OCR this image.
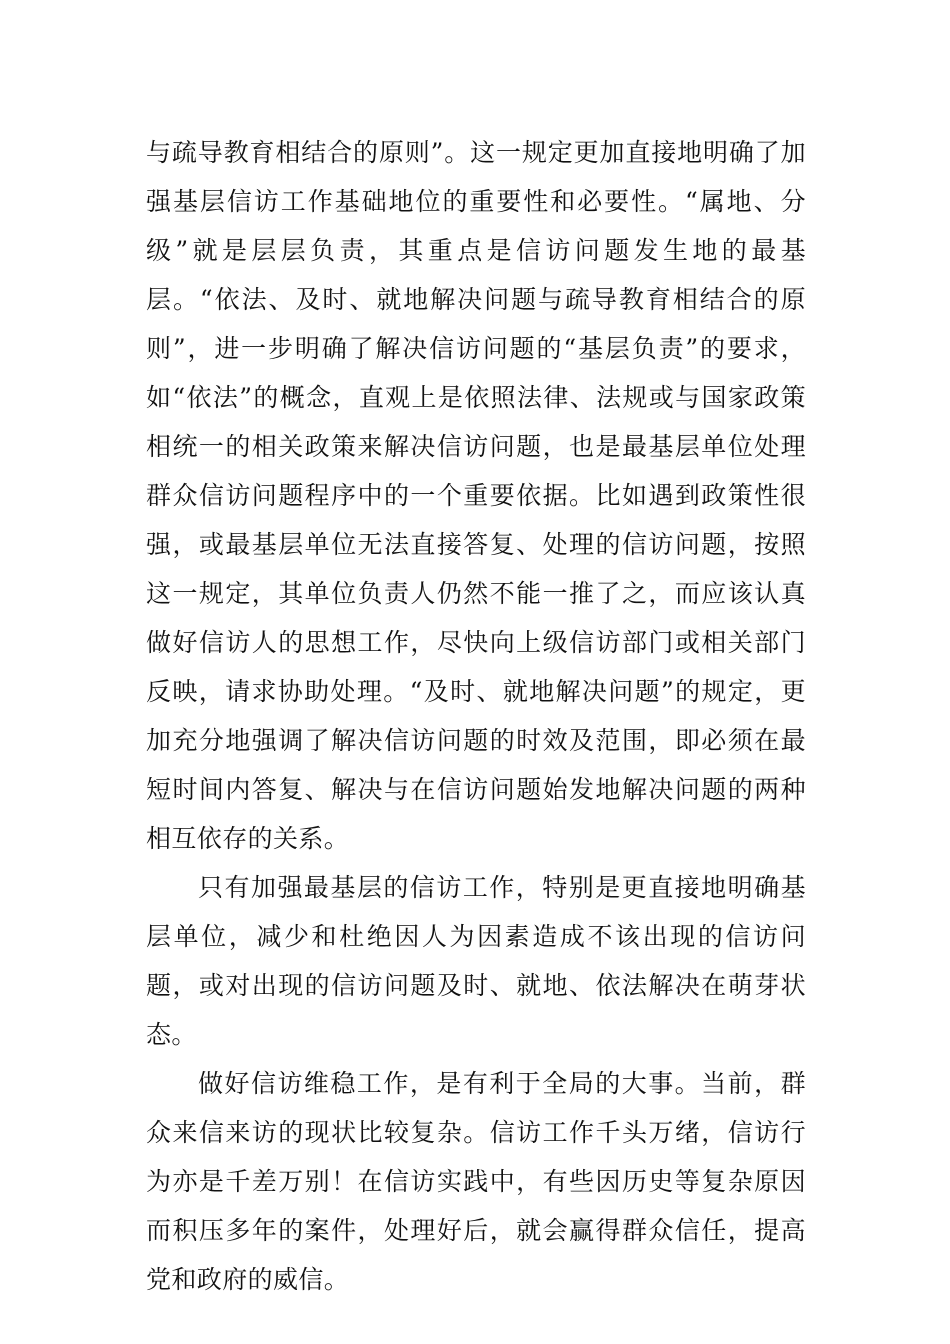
与疏导教育相结合的原则”。这一规定更加直接地明确了加强基层信访工作基础地位的重要性和必要性。“属地、分级”就是层层负责，其重点是信访问题发生地的最基层。“依法、及时、就地解决问题与疏导教育相结合的原则”，进一步明确了解决信访问题的“基层负责”的要求，如“依法”的概念，直观上是依照法律、法规或与国家政策相统一的相关政策来解决信访问题，也是最基层单位处理群众信访问题程序中的一个重要依据。比如遇到政策性很强，或最基层单位无法直接答复、处理的信访问题，按照这一规定，其单位负责人仍然不能一推了之，而应该认真做好信访人的思想工作，尽快向上级信访部门或相关部门反映，请求协助处理。“及时、就地解决问题”的规定，更加充分地强调了解决信访问题的时效及范围，即必须在最短时间内答复、解决与在信访问题始发地解决问题的两种相互依存的关系。

只有加强最基层的信访工作，特别是更直接地明确基层单位，减少和杜绝因人为因素造成不该出现的信访问题，或对出现的信访问题及时、就地、依法解决在萌芽状态。

做好信访维稳工作，是有利于全局的大事。当前，群众来信来访的现状比较复杂。信访工作千头万绪，信访行为亦是千差万别！在信访实践中，有些因历史等复杂原因而积压多年的案件，处理好后，就会赢得群众信任，提高党和政府的威信。
